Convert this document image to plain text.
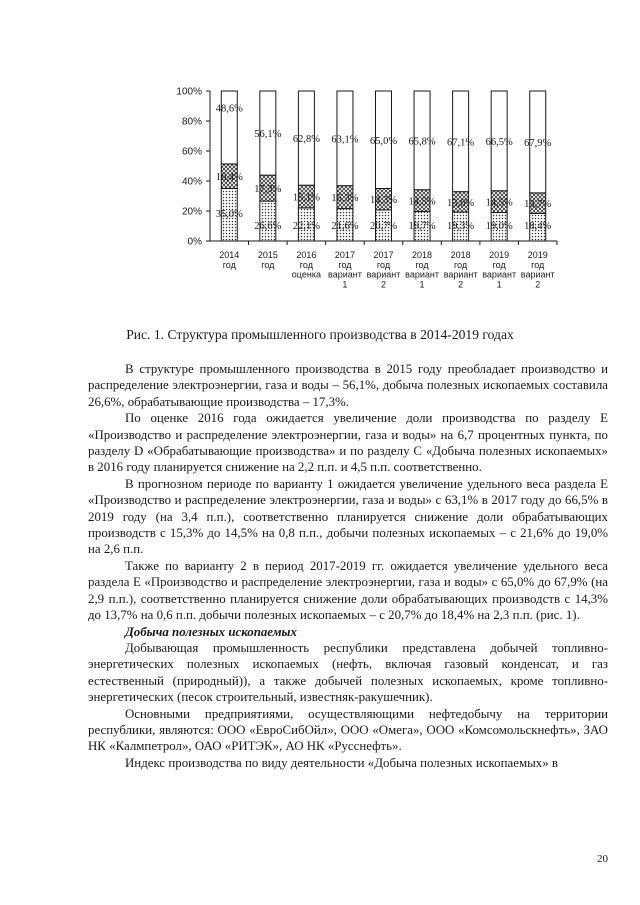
0%
20%
40%
60%
80%
100%
2014
год
2015
год
2016
год
оценка
2017
год
вариант
1
2017
год
вариант
2
2018
год
вариант
1
2018
год
вариант
2
2019
год
вариант
1
2019
год
вариант
2
35,0%
26,6% 22,1% 21,6% 20,7% 19,7% 19,3% 19,0% 18,4%
16,4%
17,3%
15,1% 15,3% 14,3% 14,5% 13,6% 14,5% 13,7%
48,6%
56,1% 62,8% 63,1% 65,0% 65,8% 67,1% 66,5% 67,9%
Рис. 1. Структура промышленного производства в 2014-2019 годах

В структуре промышленного производства в 2015 году преобладает производство и распределение электроэнергии, газа и воды – 56,1%, добыча полезных ископаемых составила 26,6%, обрабатывающие производства – 17,3%.

По оценке 2016 года ожидается увеличение доли производства по разделу E «Производство и распределение электроэнергии, газа и воды» на 6,7 процентных пункта, по разделу D «Обрабатывающие производства» и по разделу C «Добыча полезных ископаемых» в 2016 году планируется снижение на 2,2 п.п. и 4,5 п.п. соответственно.

В прогнозном периоде по варианту 1 ожидается увеличение удельного веса раздела E «Производство и распределение электроэнергии, газа и воды» с 63,1% в 2017 году до 66,5% в 2019 году (на 3,4 п.п.), соответственно планируется снижение доли обрабатывающих производств с 15,3% до 14,5% на 0,8 п.п., добычи полезных ископаемых – с 21,6% до 19,0% на 2,6 п.п.

Также по варианту 2 в период 2017-2019 гг. ожидается увеличение удельного веса раздела E «Производство и распределение электроэнергии, газа и воды» с 65,0% до 67,9% (на 2,9 п.п.), соответственно планируется снижение доли обрабатывающих производств с 14,3% до 13,7% на 0,6 п.п. добычи полезных ископаемых – с 20,7% до 18,4% на 2,3 п.п. (рис. 1).

Добыча полезных ископаемых

Добывающая промышленность республики представлена добычей топливно-энергетических полезных ископаемых (нефть, включая газовый конденсат, и газ естественный (природный)), а также добычей полезных ископаемых, кроме топливно-энергетических (песок строительный, известняк-ракушечник).

Основными предприятиями, осуществляющими нефтедобычу на территории республики, являются: ООО «ЕвроСибОйл», ООО «Омега», ООО «Комсомольскнефть», ЗАО НК «Калмпетрол», ОАО «РИТЭК», АО НК «Русснефть».

Индекс производства по виду деятельности «Добыча полезных ископаемых» в

20
